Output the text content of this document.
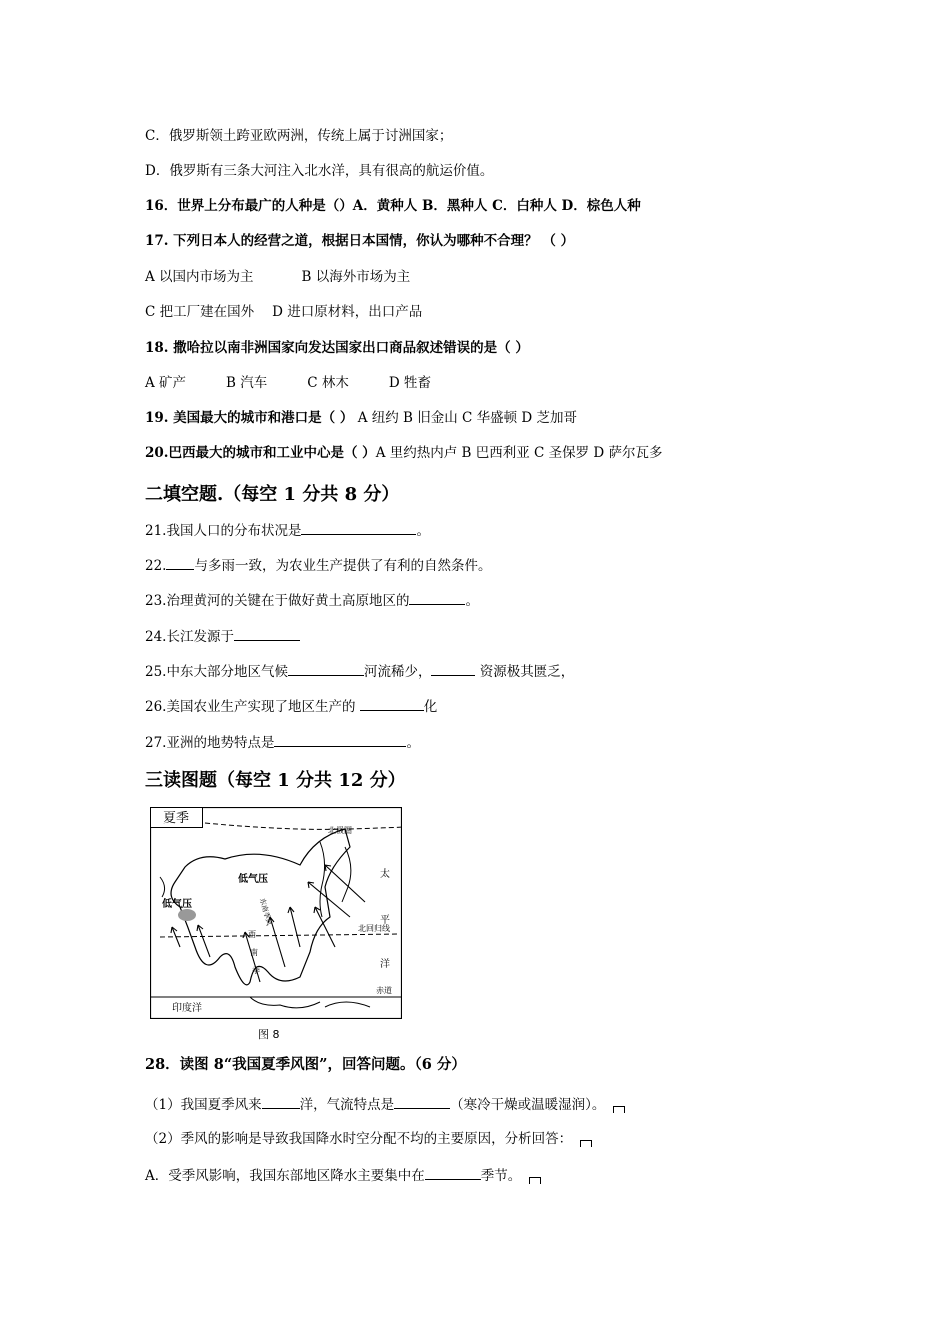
C．俄罗斯领土跨亚欧两洲，传统上属于讨洲国家；
D．俄罗斯有三条大河注入北水洋，具有很高的航运价值。
16．世界上分布最广的人种是（）A．黄种人 B．黑种人 C．白种人 D．棕色人种
17. 下列日本人的经营之道，根据日本国情，你认为哪种不合理？ （ ）
A 以国内市场为主	B 以海外市场为主
C 把工厂建在国外 D 进口原材料，出口产品
18. 撒哈拉以南非洲国家向发达国家出口商品叙述错误的是（ ）
A 矿产	B 汽车	C 林木	D 牲畜
19. 美国最大的城市和港口是（ ） A 纽约 B 旧金山 C 华盛顿 D 芝加哥
20.巴西最大的城市和工业中心是（ ）A 里约热内卢 B 巴西利亚 C 圣保罗 D 萨尔瓦多
二填空题.（每空 1 分共 8 分）
21.我国人口的分布状况是	。
22. 与多雨一致，为农业生产提供了有利的自然条件。
23.治理黄河的关键在于做好黄土高原地区的	。
24.长江发源于
25.中东大部分地区气候	河流稀少，	资源极其匮乏，
26.美国农业生产实现了地区生产的	化
27.亚洲的地势特点是	。
三读图题（每空 1 分共 12 分）
夏季
北极圈
北回归线
赤道
低气压
低气压
太
平
洋
印度洋
东南季风
西
南
季
图 8
28．读图 8“我国夏季风图”，回答问题。（6 分）
（1）我国夏季风来	洋，气流特点是	（寒冷干燥或温暖湿润）。
（2）季风的影响是导致我国降水时空分配不均的主要原因，分析回答：
A．受季风影响，我国东部地区降水主要集中在	季节。
